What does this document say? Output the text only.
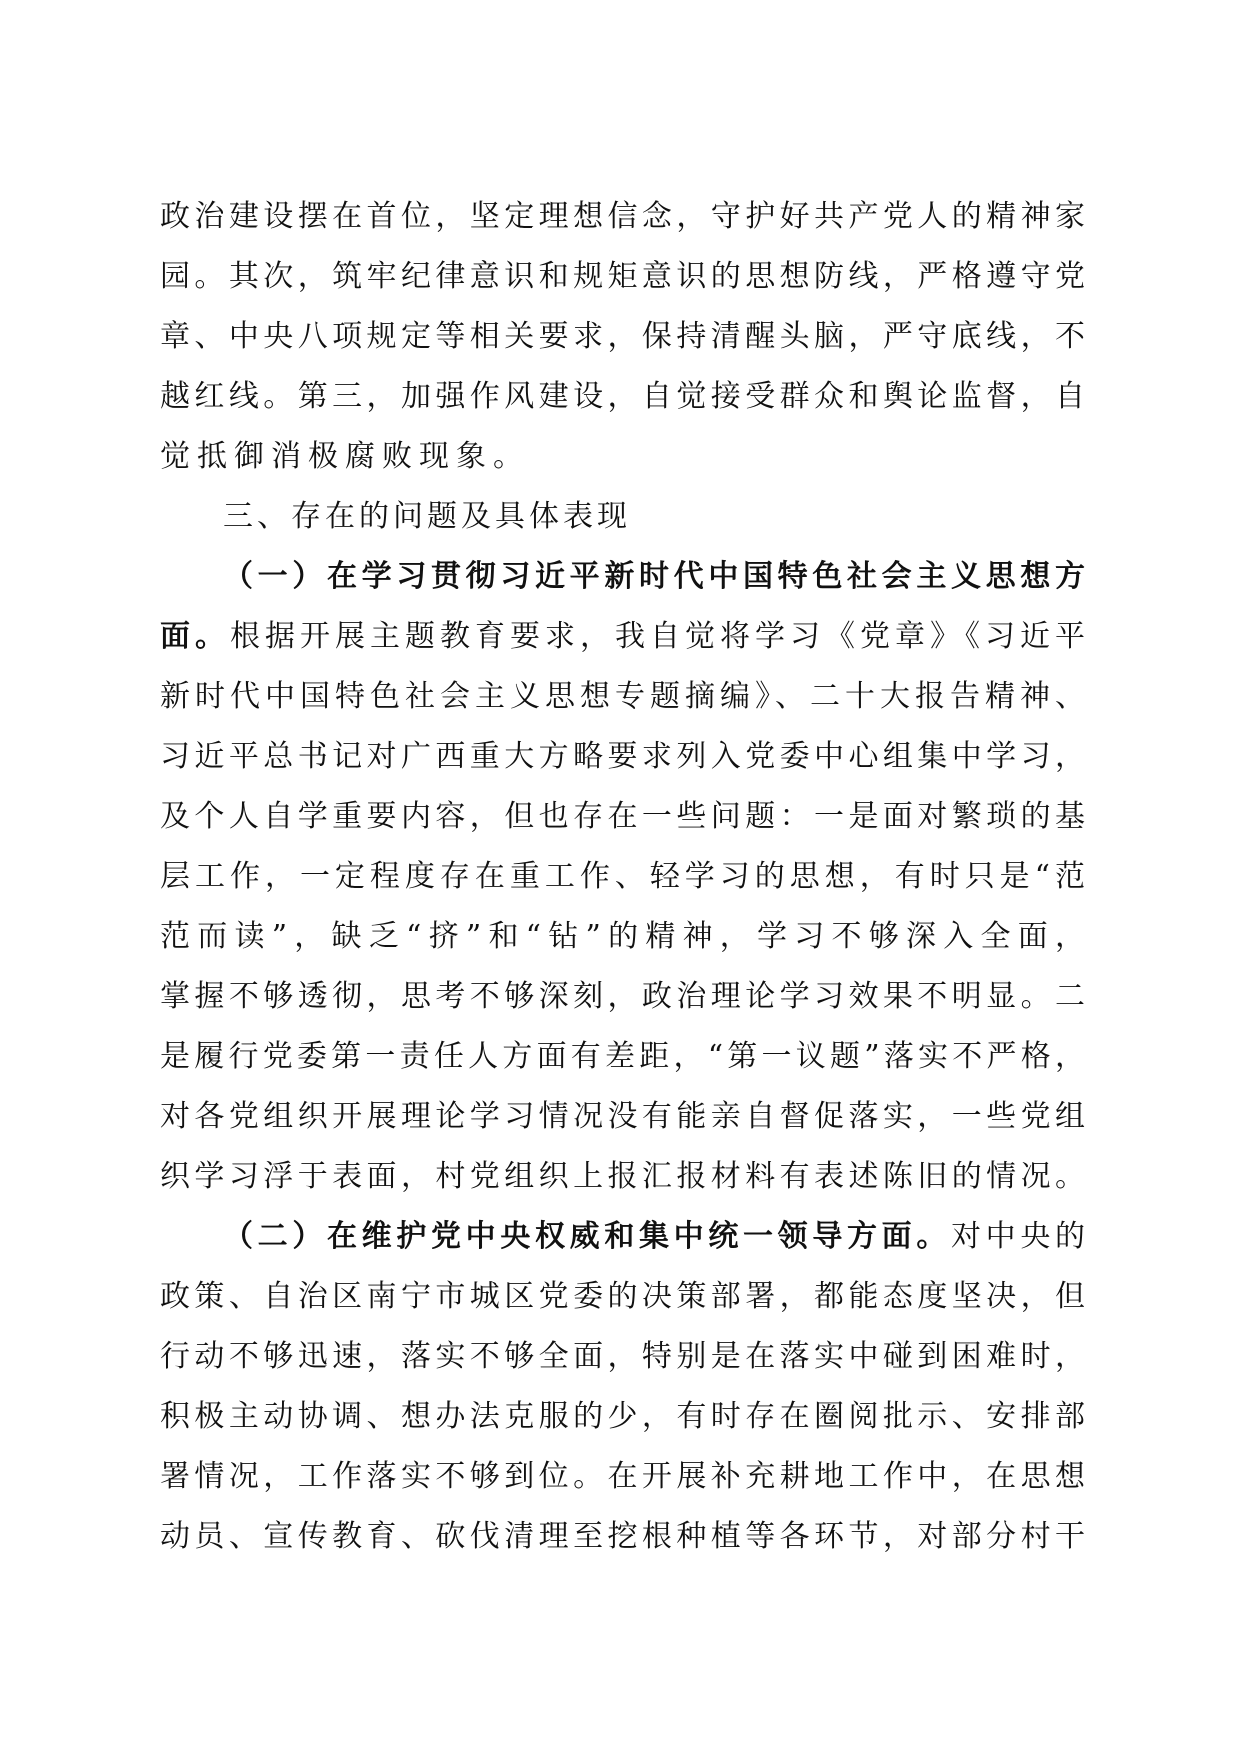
政治建设摆在首位，坚定理想信念，守护好共产党人的精神家
园。其次，筑牢纪律意识和规矩意识的思想防线，严格遵守党
章、中央八项规定等相关要求，保持清醒头脑，严守底线，不
越红线。第三，加强作风建设，自觉接受群众和舆论监督，自
觉抵御消极腐败现象。
三、存在的问题及具体表现
（一）在学习贯彻习近平新时代中国特色社会主义思想方
面。根据开展主题教育要求，我自觉将学习《党章》《习近平
新时代中国特色社会主义思想专题摘编》、二十大报告精神、
习近平总书记对广西重大方略要求列入党委中心组集中学习，
及个人自学重要内容，但也存在一些问题：一是面对繁琐的基
层工作，一定程度存在重工作、轻学习的思想，有时只是“范
范而读”，缺乏“挤”和“钻”的精神，学习不够深入全面，
掌握不够透彻，思考不够深刻，政治理论学习效果不明显。二
是履行党委第一责任人方面有差距，“第一议题”落实不严格，
对各党组织开展理论学习情况没有能亲自督促落实，一些党组
织学习浮于表面，村党组织上报汇报材料有表述陈旧的情况。
（二）在维护党中央权威和集中统一领导方面。对中央的
政策、自治区南宁市城区党委的决策部署，都能态度坚决，但
行动不够迅速，落实不够全面，特别是在落实中碰到困难时，
积极主动协调、想办法克服的少，有时存在圈阅批示、安排部
署情况，工作落实不够到位。在开展补充耕地工作中，在思想
动员、宣传教育、砍伐清理至挖根种植等各环节，对部分村干
